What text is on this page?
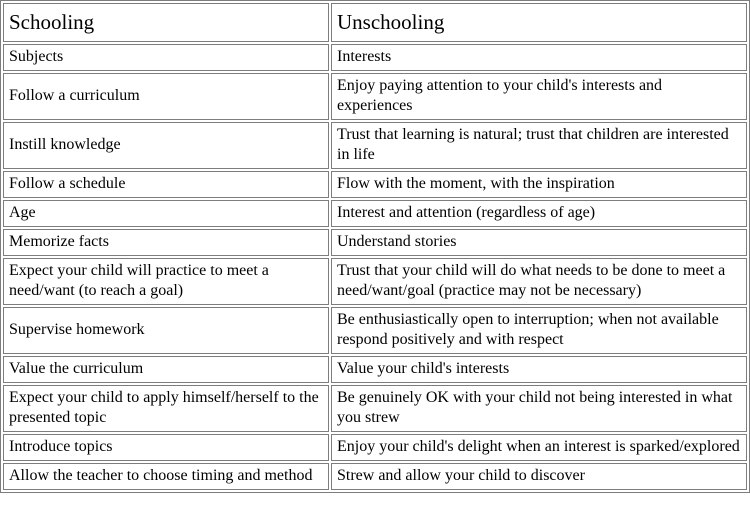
Schooling	Unschooling
Subjects	Interests
Follow a curriculum	Enjoy paying attention to your child's interests and experiences
Instill knowledge	Trust that learning is natural; trust that children are interested in life
Follow a schedule	Flow with the moment, with the inspiration
Age	Interest and attention (regardless of age)
Memorize facts	Understand stories
Expect your child will practice to meet a need/want (to reach a goal)	Trust that your child will do what needs to be done to meet a need/want/goal (practice may not be necessary)
Supervise homework	Be enthusiastically open to interruption; when not available respond positively and with respect
Value the curriculum	Value your child's interests
Expect your child to apply himself/herself to the presented topic	Be genuinely OK with your child not being interested in what you strew
Introduce topics	Enjoy your child's delight when an interest is sparked/explored
Allow the teacher to choose timing and method	Strew and allow your child to discover
